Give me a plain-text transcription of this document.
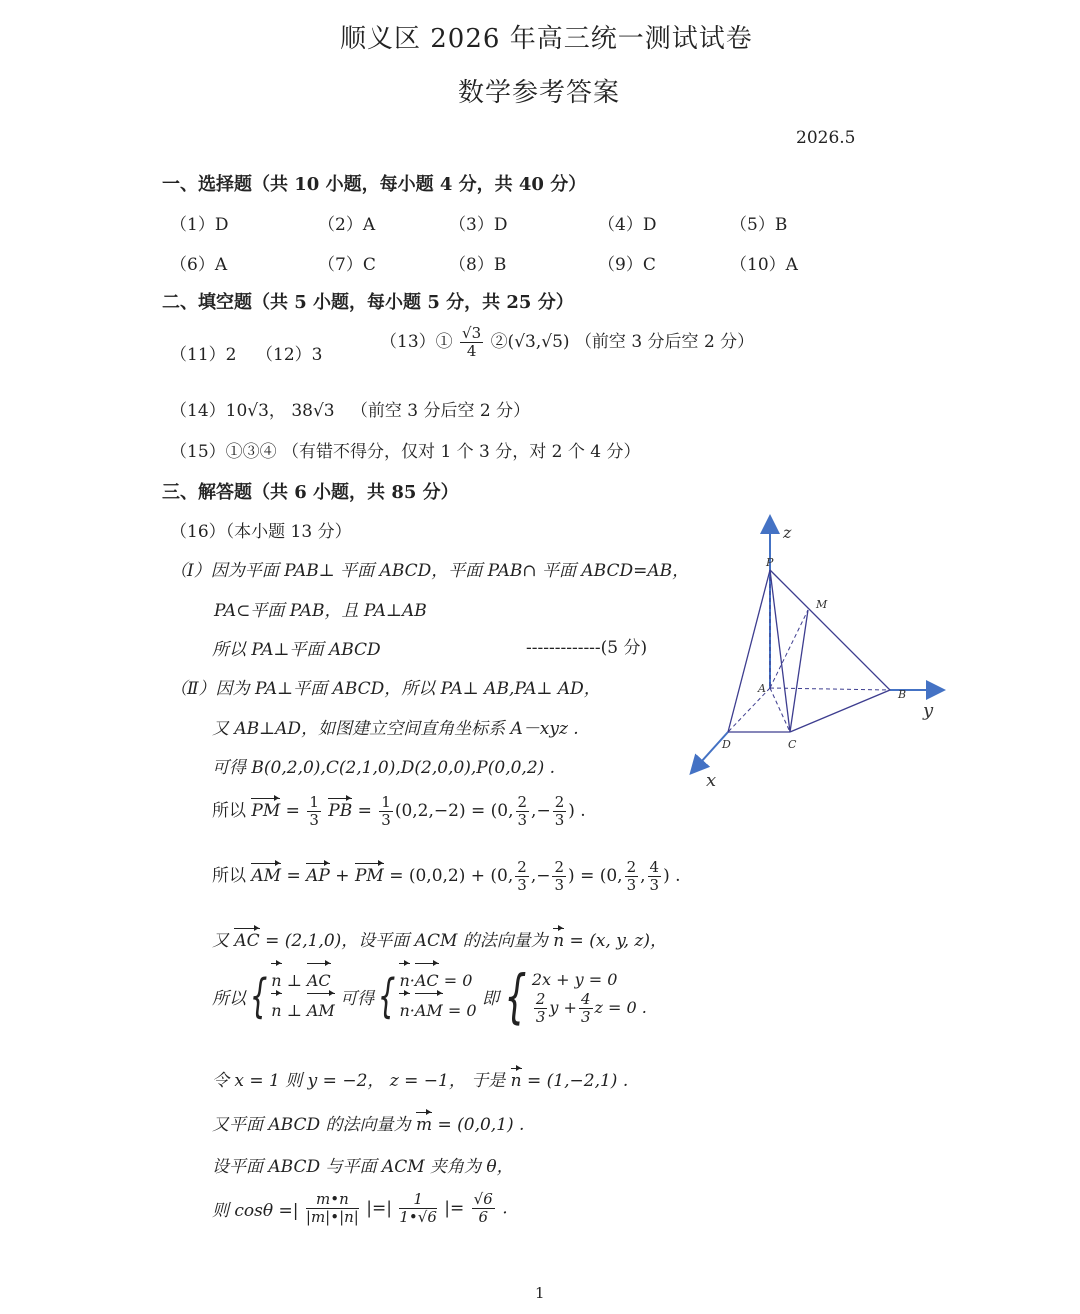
顺义区 2026 年高三统一测试试卷
数学参考答案
2026.5
一、选择题（共 10 小题，每小题 4 分，共 40 分）
（1）D	（2）A	（3）D	（4）D	（5）B
（6）A	（7）C	（8）B	（9）C	（10）A
二、填空题（共 5 小题，每小题 5 分，共 25 分）
（11）2 （12）3
（13）① $\frac{√3}{4}$ ②(√3,√5) （前空 3 分后空 2 分）
（14）10√3， 38√3 （前空 3 分后空 2 分）
（15）①③④ （有错不得分，仅对 1 个 3 分，对 2 个 4 分）
三、解答题（共 6 小题，共 85 分）
（16）（本小题 13 分）
（Ⅰ）因为平面 PAB⊥ 平面 ABCD，平面 PAB∩ 平面 ABCD=AB，
PA⊂平面 PAB，且 PA⊥AB
所以 PA⊥平面 ABCD	-------------(5 分)
（Ⅱ）因为 PA⊥平面 ABCD，所以 PA⊥ AB,PA⊥ AD，
又 AB⊥AD，如图建立空间直角坐标系 A－xyz .
可得 B(0,2,0),C(2,1,0),D(2,0,0),P(0,0,2) .
所以 PM = $\frac{1}{3}$ PB = $\frac{1}{3} (0,2,-2) = (0$, $\frac{2}{3}$ ,− $\frac{2}{3}$ ) .
所以 AM = AP + PM = (0,0,2) + (0, $\frac{2}{3}$ ,− $\frac{2}{3}$ ) = (0, $\frac{2}{3}$ , $\frac{4}{3}$ ) .
又 AC = (2,1,0)，设平面 ACM 的法向量为 n = (x, y, z)，
所以{ n ⊥ AC
n ⊥ AM 可得{ n·AC = 0
n·AM = 0 即{ 2x + y = 0

$\frac{2}{3}$ $y + \frac{4}{3}$ z = 0 .
令 x = 1 则 y = −2， z = −1， 于是 n = (1,−2,1) .
又平面 ABCD 的法向量为 m = (0,0,1) .
设平面 ABCD 与平面 ACM 夹角为 θ，
则 cosθ =| $\frac{m•n}{|m|•|n|}$ |=| $\frac{1}{1•√6}$ |= $\frac{√6}{6}$ .
z
y
x
P
M
A	B
C
D
1
